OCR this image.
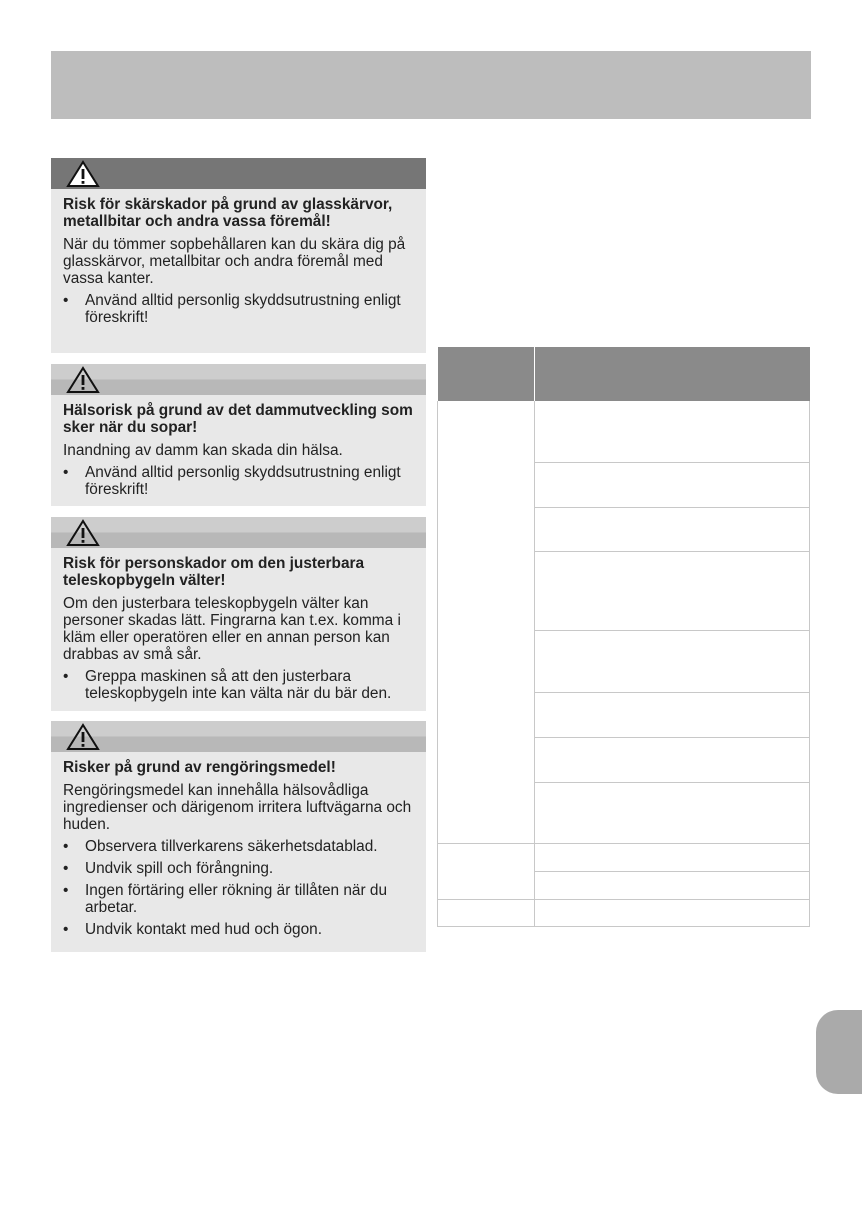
Risk för skärskador på grund av glasskärvor, metallbitar och andra vassa föremål!

När du tömmer sopbehållaren kan du skära dig på glasskärvor, metallbitar och andra föremål med vassa kanter.

• Använd alltid personlig skyddsutrustning enligt föreskrift!

Hälsorisk på grund av det dammutveckling som sker när du sopar!

Inandning av damm kan skada din hälsa.

• Använd alltid personlig skyddsutrustning enligt föreskrift!

Risk för personskador om den justerbara teleskopbygeln välter!

Om den justerbara teleskopbygeln välter kan personer skadas lätt. Fingrarna kan t.ex. komma i kläm eller operatören eller en annan person kan drabbas av små sår.

• Greppa maskinen så att den justerbara teleskopbygeln inte kan välta när du bär den.

Risker på grund av rengöringsmedel!

Rengöringsmedel kan innehålla hälsovådliga ingredienser och därigenom irritera luftvägarna och huden.

• Observera tillverkarens säkerhetsdatablad.
• Undvik spill och förångning.
• Ingen förtäring eller rökning är tillåten när du arbetar.
• Undvik kontakt med hud och ögon.
